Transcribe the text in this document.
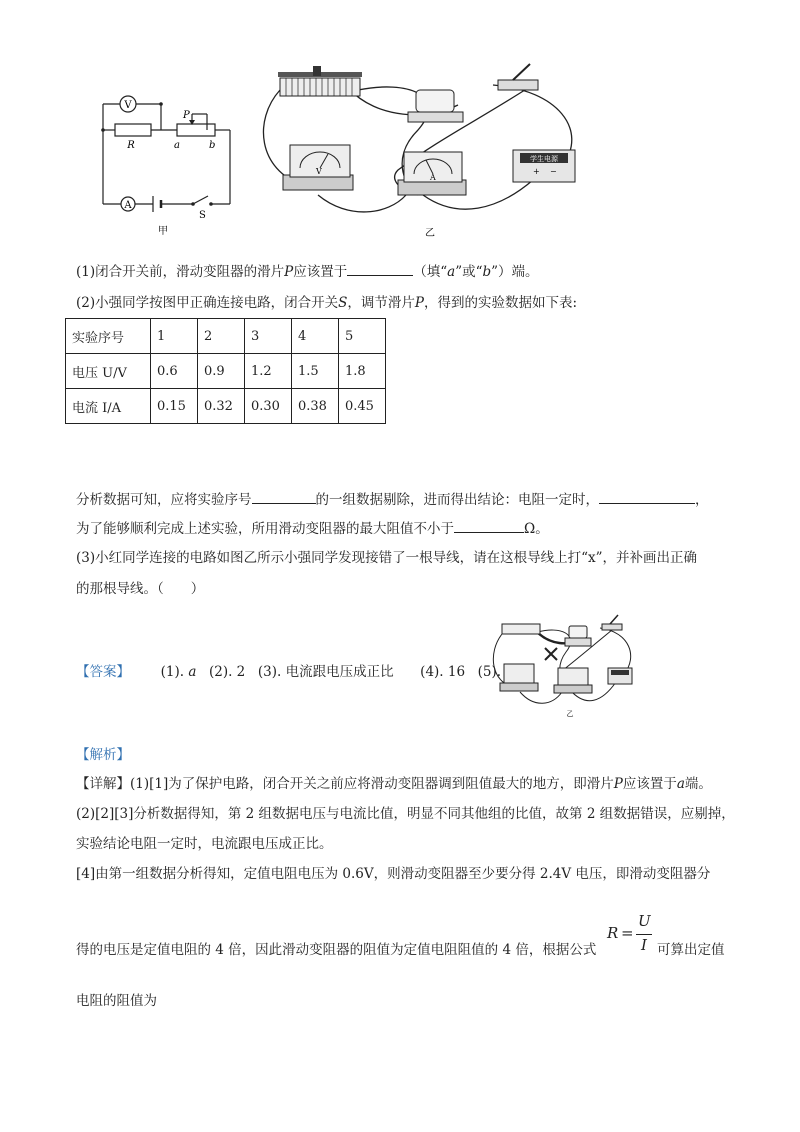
V
A
R
P
a	b
S
甲
V
A
学生电源
+ −
乙
(1)闭合开关前，滑动变阻器的滑片P应该置于	（填“a”或“b”）端。
(2)小强同学按图甲正确连接电路，闭合开关S，调节滑片P，得到的实验数据如下表:
实验序号	1	2	3	4	5
电压 U/V	0.6	0.9	1.2	1.5	1.8
电流 I/A	0.15	0.32	0.30	0.38	0.45
分析数据可知，应将实验序号	的一组数据剔除，进而得出结论：电阻一定时，	，
为了能够顺利完成上述实验，所用滑动变阻器的最大阻值不小于	Ω。
(3)小红同学连接的电路如图乙所示小强同学发现接错了一根导线，请在这根导线上打“x”，并补画出正确
的那根导线。（　　）
【答案】 (1). a (2). 2 (3). 电流跟电压成正比 (4). 16 (5).
乙
【解析】
【详解】(1)[1]为了保护电路，闭合开关之前应将滑动变阻器调到阻值最大的地方，即滑片P应该置于a端。
(2)[2][3]分析数据得知，第 2 组数据电压与电流比值，明显不同其他组的比值，故第 2 组数据错误，应剔掉，
实验结论电阻一定时，电流跟电压成正比。
[4]由第一组数据分析得知，定值电阻电压为 0.6V，则滑动变阻器至少要分得 2.4V 电压，即滑动变阻器分
得的电压是定值电阻的 4 倍，因此滑动变阻器的阻值为定值电阻阻值的 4 倍，根据公式
R =
U
I 可算出定值
电阻的阻值为
